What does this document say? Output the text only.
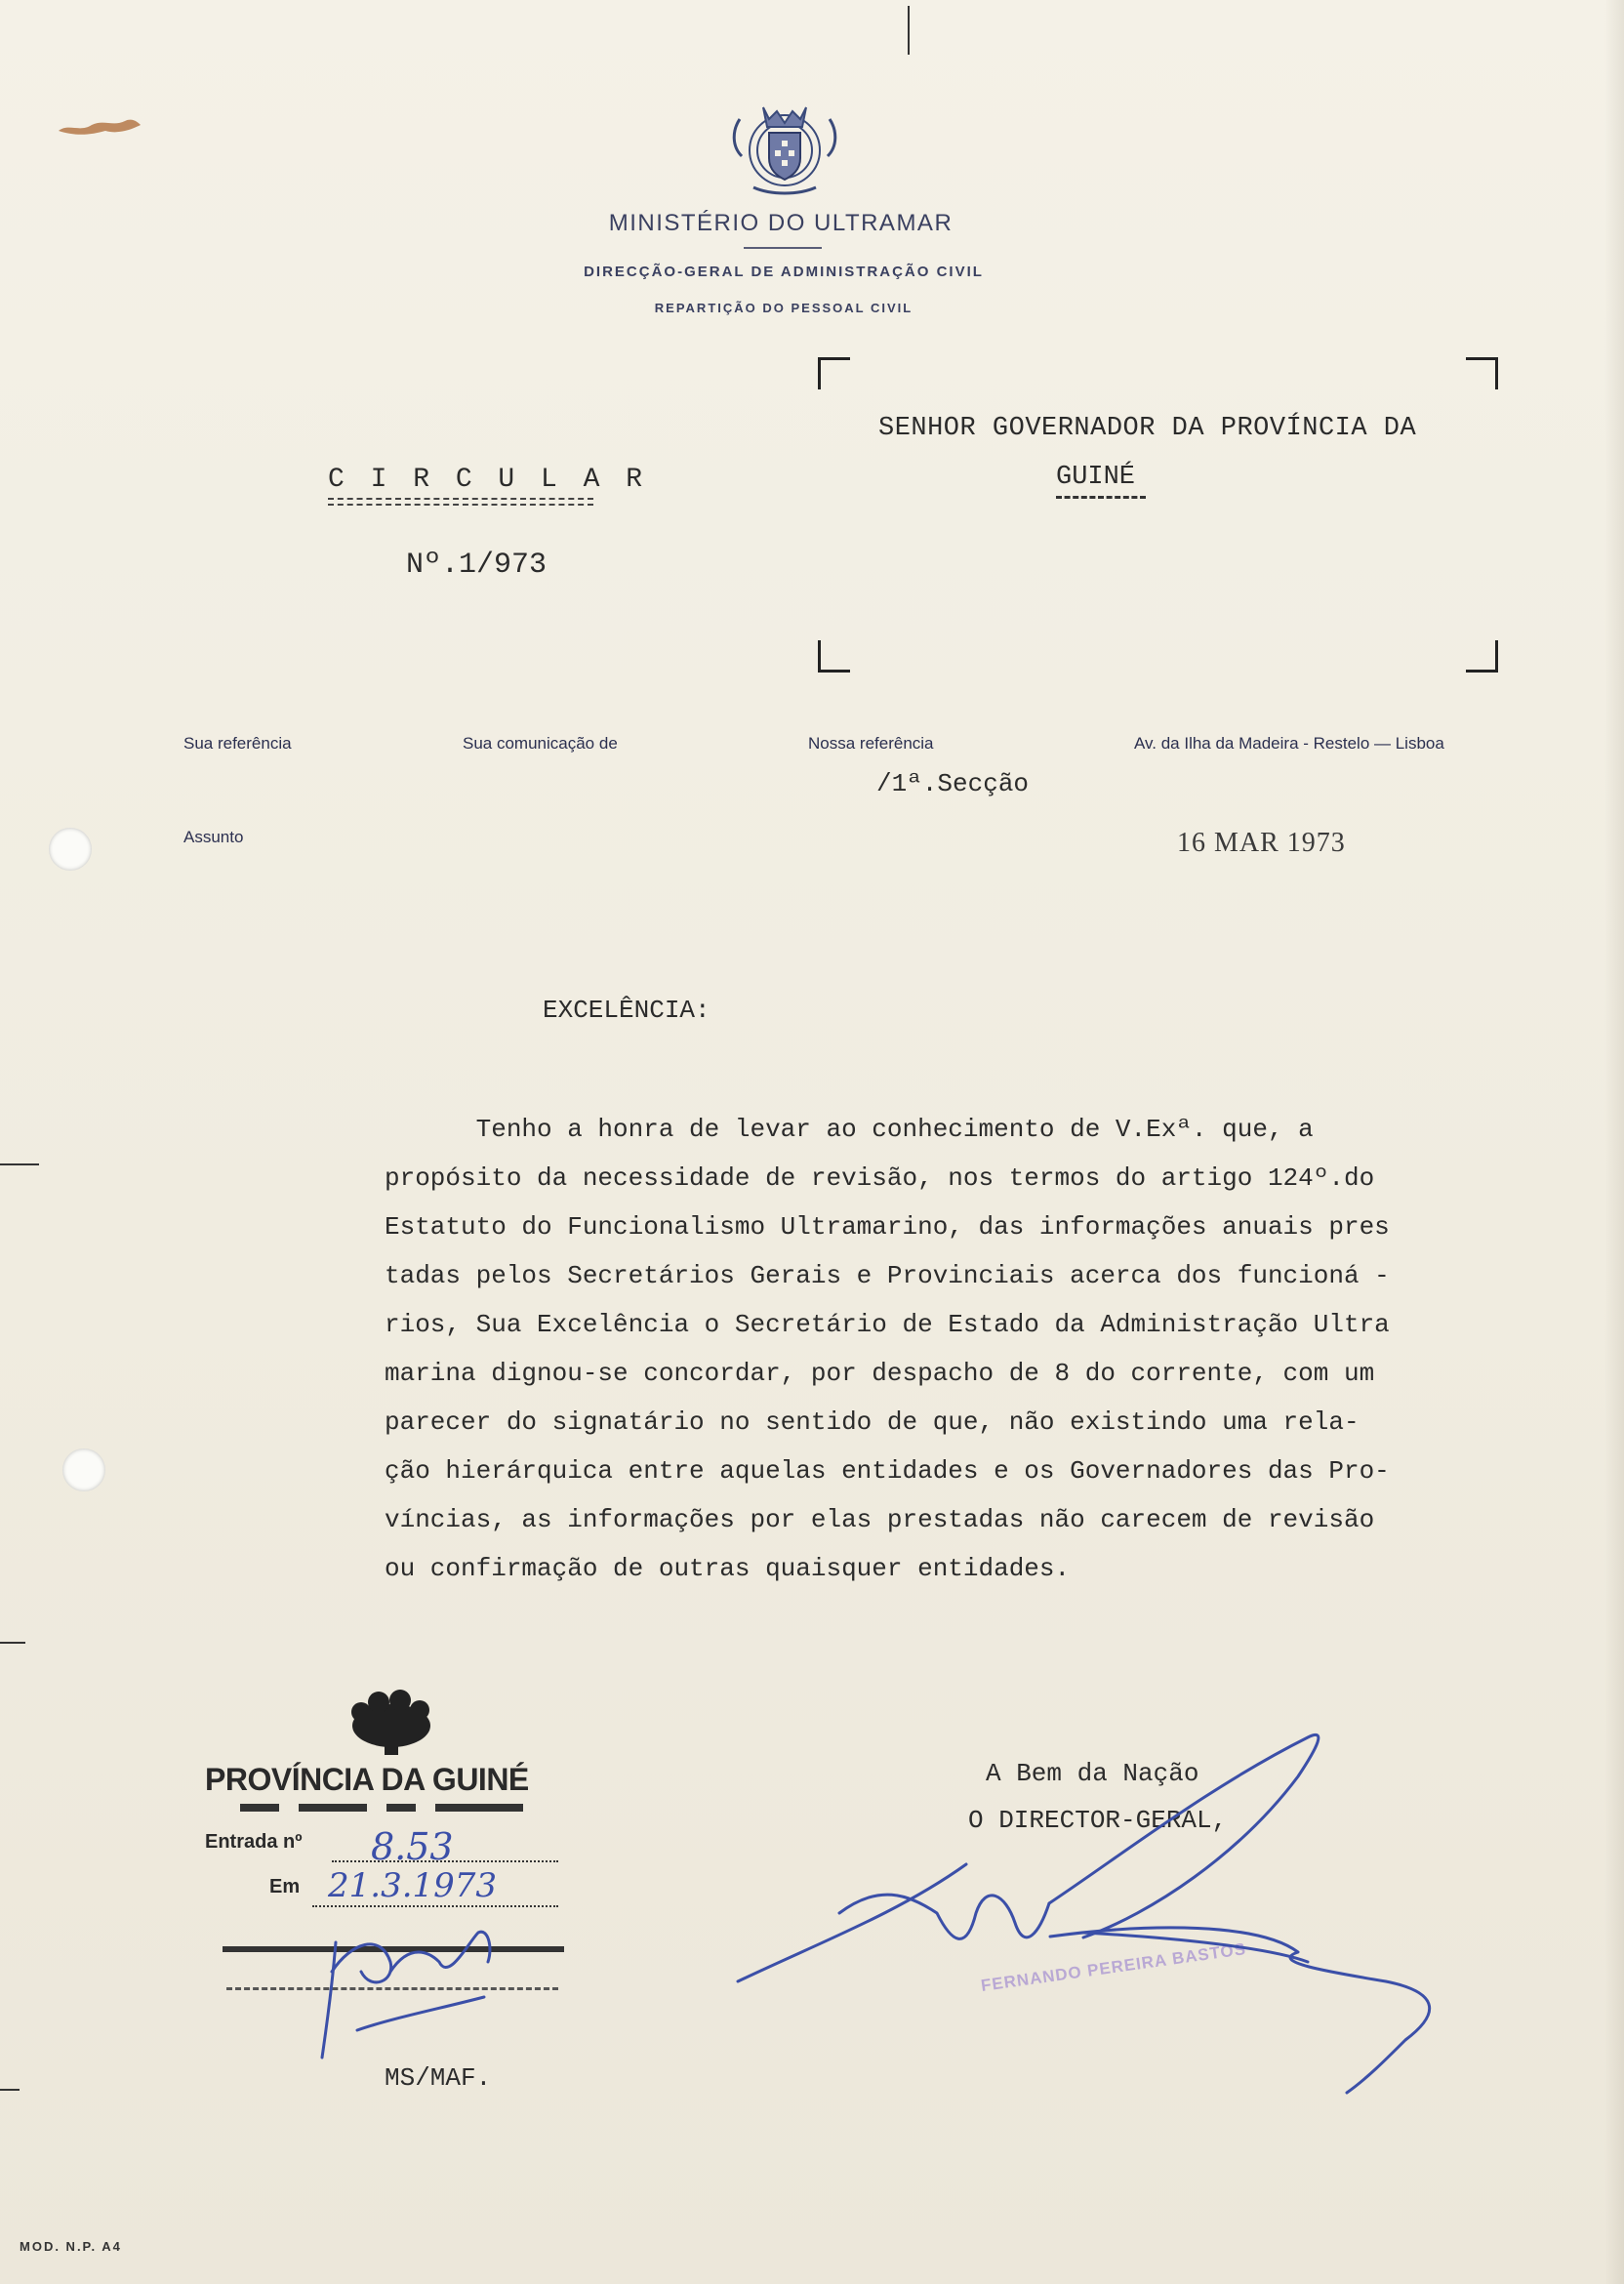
MINISTÉRIO DO ULTRAMAR
DIRECÇÃO-GERAL DE ADMINISTRAÇÃO CIVIL
REPARTIÇÃO DO PESSOAL CIVIL
SENHOR GOVERNADOR DA PROVÍNCIA DA
GUINÉ
C I R C U L A R
Nº.1/973
Sua referência	Sua comunicação de	Nossa referência	Av. da Ilha da Madeira - Restelo — Lisboa
/1ª.Secção
Assunto	16 MAR 1973
EXCELÊNCIA:
Tenho a honra de levar ao conhecimento de V.Exª. que, a
propósito da necessidade de revisão, nos termos do artigo 124º.do
Estatuto do Funcionalismo Ultramarino, das informações anuais pres
tadas pelos Secretários Gerais e Provinciais acerca dos funcioná -
rios, Sua Excelência o Secretário de Estado da Administração Ultra
marina dignou-se concordar, por despacho de 8 do corrente, com um
parecer do signatário no sentido de que, não existindo uma rela-
ção hierárquica entre aquelas entidades e os Governadores das Pro-
víncias, as informações por elas prestadas não carecem de revisão
ou confirmação de outras quaisquer entidades.
A Bem da Nação
O DIRECTOR-GERAL,
FERNANDO PEREIRA BASTOS
PROVÍNCIA DA GUINÉ
Entrada nº 8.53
Em 21.3.1973
MS/MAF.
MOD. N.P. A4
